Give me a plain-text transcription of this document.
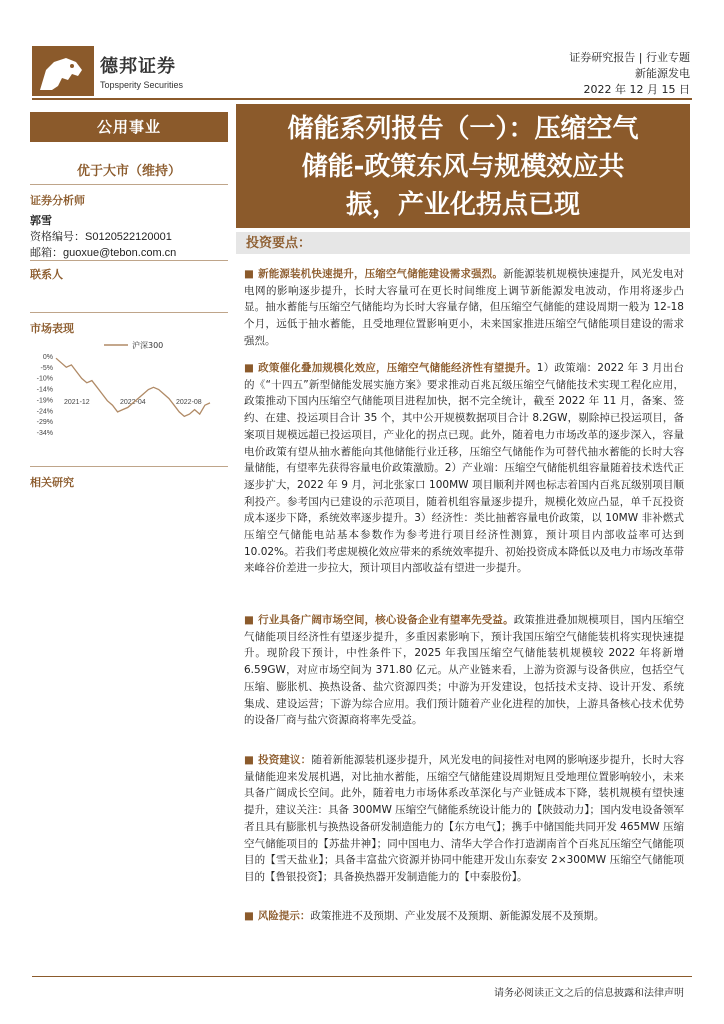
德邦证券
Topsperity Securities
证券研究报告 | 行业专题
新能源发电
2022 年 12 月 15 日
公用事业
优于大市（维持）
证券分析师
郭雪
资格编号：S0120522120001
邮箱：guoxue@tebon.com.cn
联系人
市场表现
0%
-5%
-10%
-14%
-19%
-24%
-29%
-34%
2021-12	2022-04	2022-08
沪深300
相关研究
储能系列报告（一）：压缩空气
储能-政策东风与规模效应共
振，产业化拐点已现
投资要点：
■ 新能源装机快速提升，压缩空气储能建设需求强烈。新能源装机规模快速提升，风光发电对电网的影响逐步提升，长时大容量可在更长时间维度上调节新能源发电波动，作用将逐步凸显。抽水蓄能与压缩空气储能均为长时大容量存储，但压缩空气储能的建设周期一般为 12-18 个月，远低于抽水蓄能，且受地理位置影响更小，未来国家推进压缩空气储能项目建设的需求强烈。
■ 政策催化叠加规模化效应，压缩空气储能经济性有望提升。1）政策端：2022 年 3 月出台的《“十四五”新型储能发展实施方案》要求推动百兆瓦级压缩空气储能技术实现工程化应用，政策推动下国内压缩空气储能项目进程加快，据不完全统计，截至 2022 年 11 月，备案、签约、在建、投运项目合计 35 个，其中公开规模数据项目合计 8.2GW，剔除掉已投运项目，备案项目规模远超已投运项目，产业化的拐点已现。此外，随着电力市场改革的逐步深入，容量电价政策有望从抽水蓄能向其他储能行业迁移，压缩空气储能作为可替代抽水蓄能的长时大容量储能，有望率先获得容量电价政策激励。2）产业端：压缩空气储能机组容量随着技术迭代正逐步扩大，2022 年 9 月，河北张家口 100MW 项目顺利并网也标志着国内百兆瓦级别项目顺利投产。参考国内已建设的示范项目，随着机组容量逐步提升，规模化效应凸显，单千瓦投资成本逐步下降，系统效率逐步提升。3）经济性：类比抽蓄容量电价政策，以 10MW 非补燃式压缩空气储能电站基本参数作为参考进行项目经济性测算，预计项目内部收益率可达到 10.02%。若我们考虑规模化效应带来的系统效率提升、初始投资成本降低以及电力市场改革带来峰谷价差进一步拉大，预计项目内部收益有望进一步提升。
■ 行业具备广阔市场空间，核心设备企业有望率先受益。政策推进叠加规模项目，国内压缩空气储能项目经济性有望逐步提升，多重因素影响下，预计我国压缩空气储能装机将实现快速提升。现阶段下预计，中性条件下，2025 年我国压缩空气储能装机规模较 2022 年将新增 6.59GW，对应市场空间为 371.80 亿元。从产业链来看，上游为资源与设备供应，包括空气压缩、膨胀机、换热设备、盐穴资源四类；中游为开发建设，包括技术支持、设计开发、系统集成、建设运营；下游为综合应用。我们预计随着产业化进程的加快，上游具备核心技术优势的设备厂商与盐穴资源商将率先受益。
■ 投资建议：随着新能源装机逐步提升，风光发电的间接性对电网的影响逐步提升，长时大容量储能迎来发展机遇，对比抽水蓄能，压缩空气储能建设周期短且受地理位置影响较小，未来具备广阔成长空间。此外，随着电力市场体系改革深化与产业链成本下降，装机规模有望快速提升，建议关注：具备 300MW 压缩空气储能系统设计能力的【陕鼓动力】；国内发电设备领军者且具有膨胀机与换热设备研发制造能力的【东方电气】；携手中储国能共同开发 465MW 压缩空气储能项目的【苏盐井神】；同中国电力、清华大学合作打造湖南首个百兆瓦压缩空气储能项目的【雪天盐业】；具备丰富盐穴资源并协同中能建开发山东泰安 2×300MW 压缩空气储能项目的【鲁银投资】；具备换热器开发制造能力的【中泰股份】。
■ 风险提示：政策推进不及预期、产业发展不及预期、新能源发展不及预期。
请务必阅读正文之后的信息披露和法律声明
